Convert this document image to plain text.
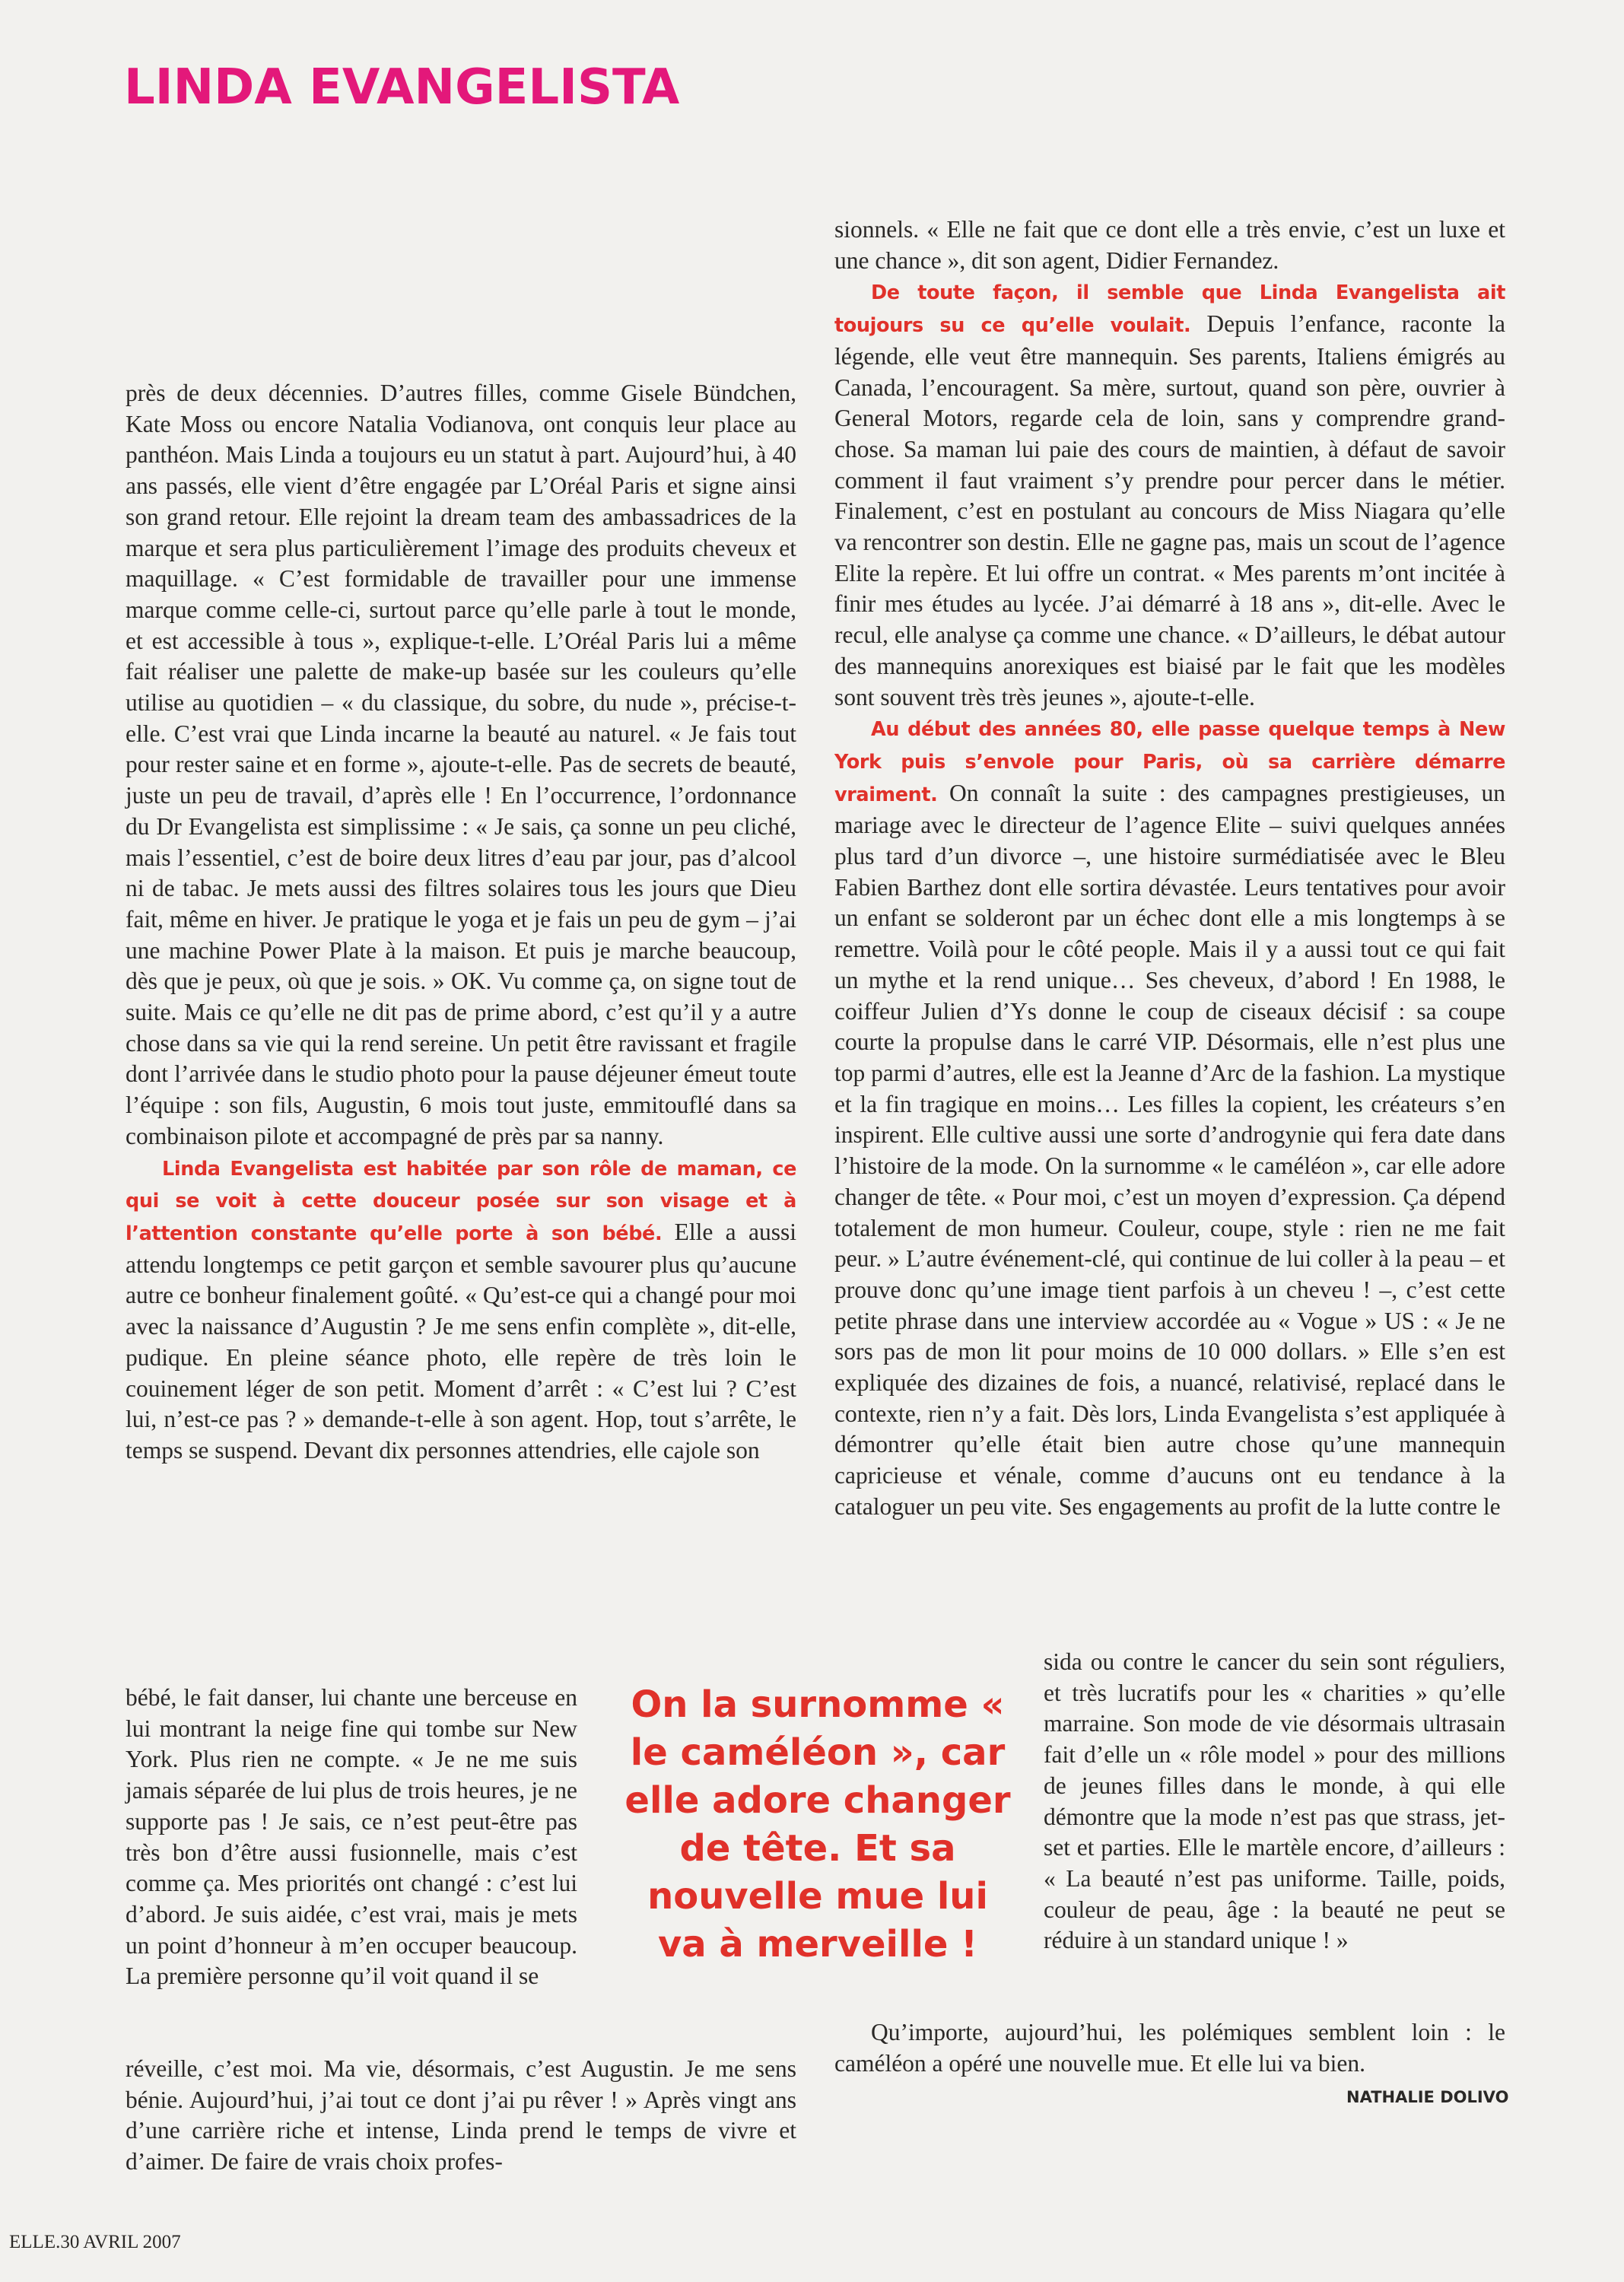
LINDA EVANGELISTA

près de deux décennies. D’autres filles, comme Gisele Bündchen, Kate Moss ou encore Natalia Vodianova, ont conquis leur place au panthéon. Mais Linda a toujours eu un statut à part. Aujourd’hui, à 40 ans passés, elle vient d’être engagée par L’Oréal Paris et signe ainsi son grand retour. Elle rejoint la dream team des ambassadrices de la marque et sera plus particulièrement l’image des produits cheveux et maquillage. « C’est formidable de travailler pour une immense marque comme celle-ci, surtout parce qu’elle parle à tout le monde, et est accessible à tous », explique-t-elle. L’Oréal Paris lui a même fait réaliser une palette de make-up basée sur les couleurs qu’elle utilise au quotidien – « du classique, du sobre, du nude », précise-t-elle. C’est vrai que Linda incarne la beauté au naturel. « Je fais tout pour rester saine et en forme », ajoute-t-elle. Pas de secrets de beauté, juste un peu de travail, d’après elle ! En l’occurrence, l’ordonnance du Dr Evangelista est simplissime : « Je sais, ça sonne un peu cliché, mais l’essentiel, c’est de boire deux litres d’eau par jour, pas d’alcool ni de tabac. Je mets aussi des filtres solaires tous les jours que Dieu fait, même en hiver. Je pratique le yoga et je fais un peu de gym – j’ai une machine Power Plate à la maison. Et puis je marche beaucoup, dès que je peux, où que je sois. » OK. Vu comme ça, on signe tout de suite. Mais ce qu’elle ne dit pas de prime abord, c’est qu’il y a autre chose dans sa vie qui la rend sereine. Un petit être ravissant et fragile dont l’arrivée dans le studio photo pour la pause déjeuner émeut toute l’équipe : son fils, Augustin, 6 mois tout juste, emmitouflé dans sa combinaison pilote et accompagné de près par sa nanny.

Linda Evangelista est habitée par son rôle de maman, ce qui se voit à cette douceur posée sur son visage et à l’attention constante qu’elle porte à son bébé. Elle a aussi attendu longtemps ce petit garçon et semble savourer plus qu’aucune autre ce bonheur finalement goûté. « Qu’est-ce qui a changé pour moi avec la naissance d’Augustin ? Je me sens enfin complète », dit-elle, pudique. En pleine séance photo, elle repère de très loin le couinement léger de son petit. Moment d’arrêt : « C’est lui ? C’est lui, n’est-ce pas ? » demande-t-elle à son agent. Hop, tout s’arrête, le temps se suspend. Devant dix personnes attendries, elle cajole son

bébé, le fait danser, lui chante une berceuse en lui montrant la neige fine qui tombe sur New York. Plus rien ne compte. « Je ne me suis jamais séparée de lui plus de trois heures, je ne supporte pas ! Je sais, ce n’est peut-être pas très bon d’être aussi fusionnelle, mais c’est comme ça. Mes priorités ont changé : c’est lui d’abord. Je suis aidée, c’est vrai, mais je mets un point d’honneur à m’en occuper beaucoup. La première personne qu’il voit quand il se

réveille, c’est moi. Ma vie, désormais, c’est Augustin. Je me sens bénie. Aujourd’hui, j’ai tout ce dont j’ai pu rêver ! » Après vingt ans d’une carrière riche et intense, Linda prend le temps de vivre et d’aimer. De faire de vrais choix profes-

sionnels. « Elle ne fait que ce dont elle a très envie, c’est un luxe et une chance », dit son agent, Didier Fernandez.

De toute façon, il semble que Linda Evangelista ait toujours su ce qu’elle voulait. Depuis l’enfance, raconte la légende, elle veut être mannequin. Ses parents, Italiens émigrés au Canada, l’encouragent. Sa mère, surtout, quand son père, ouvrier à General Motors, regarde cela de loin, sans y comprendre grand-chose. Sa maman lui paie des cours de maintien, à défaut de savoir comment il faut vraiment s’y prendre pour percer dans le métier. Finalement, c’est en postulant au concours de Miss Niagara qu’elle va rencontrer son destin. Elle ne gagne pas, mais un scout de l’agence Elite la repère. Et lui offre un contrat. « Mes parents m’ont incitée à finir mes études au lycée. J’ai démarré à 18 ans », dit-elle. Avec le recul, elle analyse ça comme une chance. « D’ailleurs, le débat autour des mannequins anorexiques est biaisé par le fait que les modèles sont souvent très très jeunes », ajoute-t-elle.

Au début des années 80, elle passe quelque temps à New York puis s’envole pour Paris, où sa carrière démarre vraiment. On connaît la suite : des campagnes prestigieuses, un mariage avec le directeur de l’agence Elite – suivi quelques années plus tard d’un divorce –, une histoire surmédiatisée avec le Bleu Fabien Barthez dont elle sortira dévastée. Leurs tentatives pour avoir un enfant se solderont par un échec dont elle a mis longtemps à se remettre. Voilà pour le côté people. Mais il y a aussi tout ce qui fait un mythe et la rend unique… Ses cheveux, d’abord ! En 1988, le coiffeur Julien d’Ys donne le coup de ciseaux décisif : sa coupe courte la propulse dans le carré VIP. Désormais, elle n’est plus une top parmi d’autres, elle est la Jeanne d’Arc de la fashion. La mystique et la fin tragique en moins… Les filles la copient, les créateurs s’en inspirent. Elle cultive aussi une sorte d’androgynie qui fera date dans l’histoire de la mode. On la surnomme « le caméléon », car elle adore changer de tête. « Pour moi, c’est un moyen d’expression. Ça dépend totalement de mon humeur. Couleur, coupe, style : rien ne me fait peur. » L’autre événement-clé, qui continue de lui coller à la peau – et prouve donc qu’une image tient parfois à un cheveu ! –, c’est cette petite phrase dans une interview accordée au « Vogue » US : « Je ne sors pas de mon lit pour moins de 10 000 dollars. » Elle s’en est expliquée des dizaines de fois, a nuancé, relativisé, replacé dans le contexte, rien n’y a fait. Dès lors, Linda Evangelista s’est appliquée à démontrer qu’elle était bien autre chose qu’une mannequin capricieuse et vénale, comme d’aucuns ont eu tendance à la cataloguer un peu vite. Ses engagements au profit de la lutte contre le

sida ou contre le cancer du sein sont réguliers, et très lucratifs pour les « charities » qu’elle marraine. Son mode de vie désormais ultrasain fait d’elle un « rôle model » pour des millions de jeunes filles dans le monde, à qui elle démontre que la mode n’est pas que strass, jet-set et parties. Elle le martèle encore, d’ailleurs : « La beauté n’est pas uniforme. Taille, poids, couleur de peau, âge : la beauté ne peut se réduire à un standard unique ! »

Qu’importe, aujourd’hui, les polémiques semblent loin : le caméléon a opéré une nouvelle mue. Et elle lui va bien.

On la surnomme « le caméléon », car elle adore changer de tête. Et sa nouvelle mue lui va à merveille !

NATHALIE DOLIVO
ELLE.30 AVRIL 2007
